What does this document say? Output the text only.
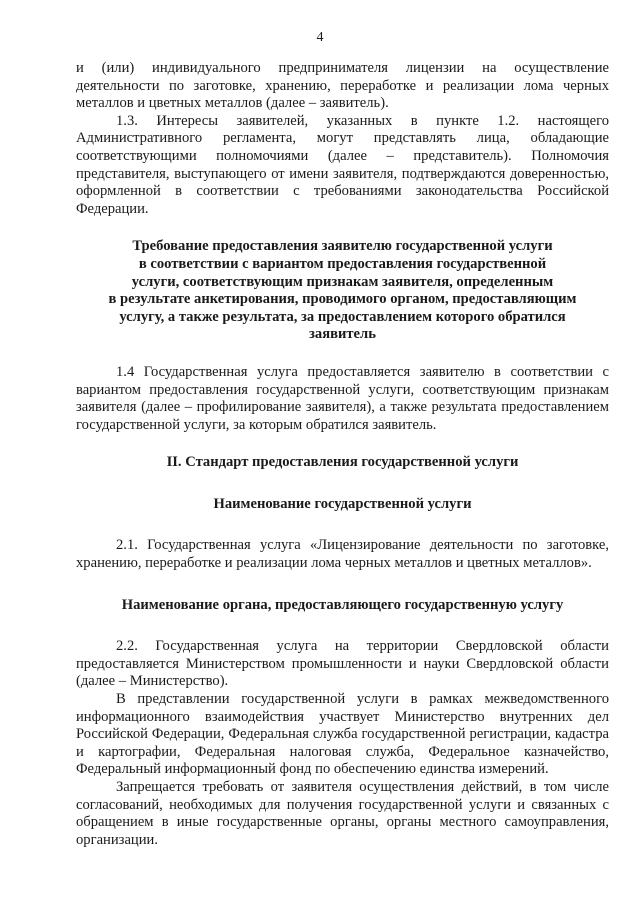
4

и (или) индивидуального предпринимателя лицензии на осуществление деятельности по заготовке, хранению, переработке и реализации лома черных металлов и цветных металлов (далее – заявитель).

1.3. Интересы заявителей, указанных в пункте 1.2. настоящего Административного регламента, могут представлять лица, обладающие соответствующими полномочиями (далее – представитель). Полномочия представителя, выступающего от имени заявителя, подтверждаются доверенностью, оформленной в соответствии с требованиями законодательства Российской Федерации.

Требование предоставления заявителю государственной услуги
в соответствии с вариантом предоставления государственной
услуги, соответствующим признакам заявителя, определенным
в результате анкетирования, проводимого органом, предоставляющим
услугу, а также результата, за предоставлением которого обратился
заявитель

1.4 Государственная услуга предоставляется заявителю в соответствии с вариантом предоставления государственной услуги, соответствующим признакам заявителя (далее – профилирование заявителя), а также результата предоставлением государственной услуги, за которым обратился заявитель.

II. Стандарт предоставления государственной услуги
Наименование государственной услуги

2.1. Государственная услуга «Лицензирование деятельности по заготовке, хранению, переработке и реализации лома черных металлов и цветных металлов».

Наименование органа, предоставляющего государственную услугу

2.2. Государственная услуга на территории Свердловской области предоставляется Министерством промышленности и науки Свердловской области (далее – Министерство).

В представлении государственной услуги в рамках межведомственного информационного взаимодействия участвует Министерство внутренних дел Российской Федерации, Федеральная служба государственной регистрации, кадастра и картографии, Федеральная налоговая служба, Федеральное казначейство, Федеральный информационный фонд по обеспечению единства измерений.

Запрещается требовать от заявителя осуществления действий, в том числе согласований, необходимых для получения государственной услуги и связанных с обращением в иные государственные органы, органы местного самоуправления, организации.
